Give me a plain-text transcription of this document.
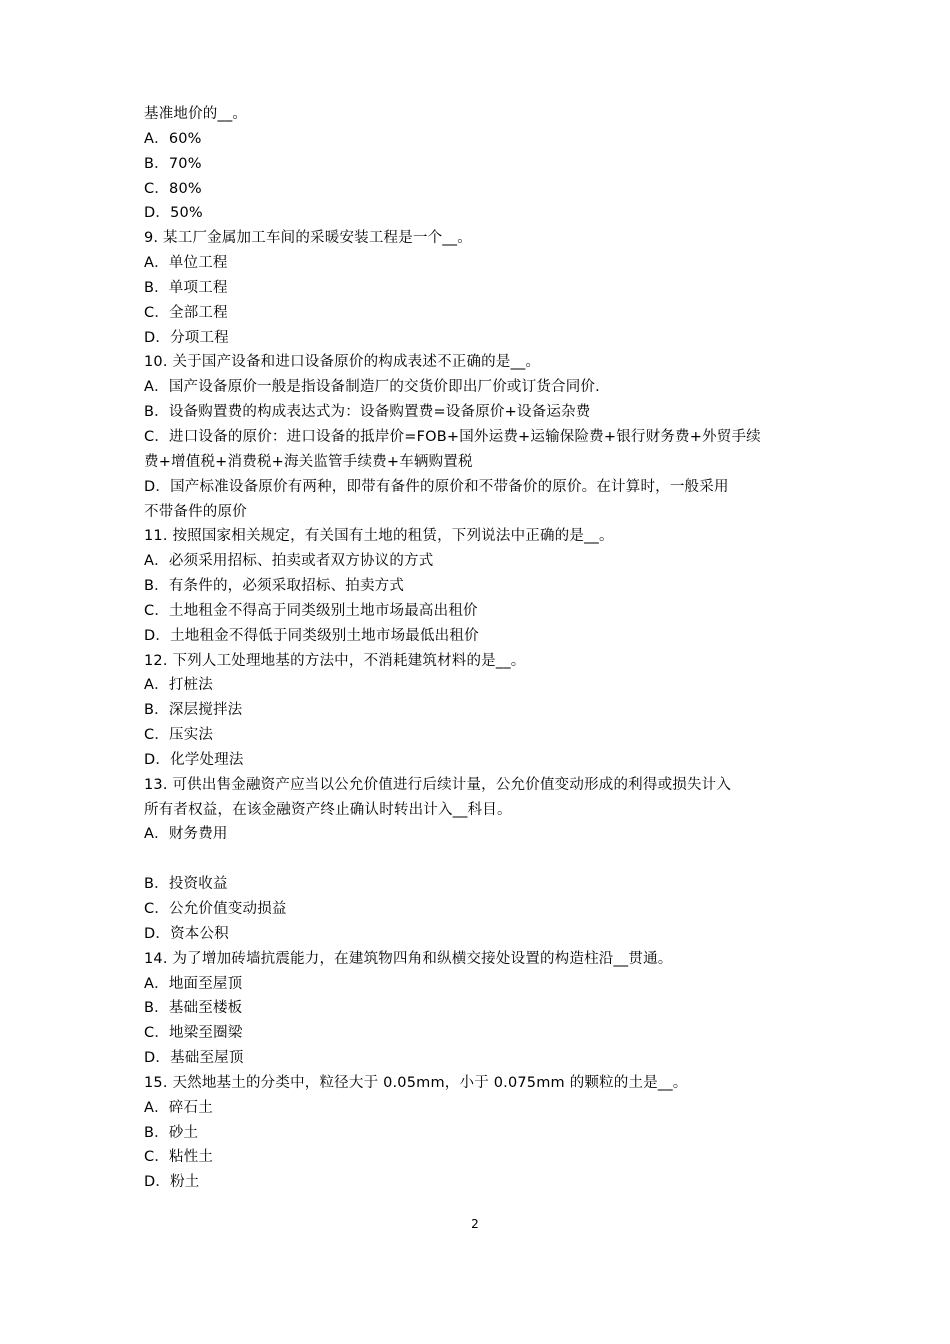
基准地价的__。
A．60%
B．70%
C．80%
D．50%
9. 某工厂金属加工车间的采暖安装工程是一个__。
A．单位工程
B．单项工程
C．全部工程
D．分项工程
10. 关于国产设备和进口设备原价的构成表述不正确的是__。
A．国产设备原价一般是指设备制造厂的交货价即出厂价或订货合同价.
B．设备购置费的构成表达式为：设备购置费=设备原价+设备运杂费
C．进口设备的原价：进口设备的抵岸价=FOB+国外运费+运输保险费+银行财务费+外贸手续
费+增值税+消费税+海关监管手续费+车辆购置税
D．国产标准设备原价有两种，即带有备件的原价和不带备价的原价。在计算时，一般采用
不带备件的原价
11. 按照国家相关规定，有关国有土地的租赁，下列说法中正确的是__。
A．必须采用招标、拍卖或者双方协议的方式
B．有条件的，必须采取招标、拍卖方式
C．土地租金不得高于同类级别土地市场最高出租价
D．土地租金不得低于同类级别土地市场最低出租价
12. 下列人工处理地基的方法中，不消耗建筑材料的是__。
A．打桩法
B．深层搅拌法
C．压实法
D．化学处理法
13. 可供出售金融资产应当以公允价值进行后续计量，公允价值变动形成的利得或损失计入
所有者权益，在该金融资产终止确认时转出计入__科目。
A．财务费用
B．投资收益
C．公允价值变动损益
D．资本公积
14. 为了增加砖墙抗震能力，在建筑物四角和纵横交接处设置的构造柱沿__贯通。
A．地面至屋顶
B．基础至楼板
C．地梁至圈梁
D．基础至屋顶
15. 天然地基土的分类中，粒径大于 0.05mm，小于 0.075mm 的颗粒的土是__。
A．碎石土
B．砂土
C．粘性土
D．粉土
2
